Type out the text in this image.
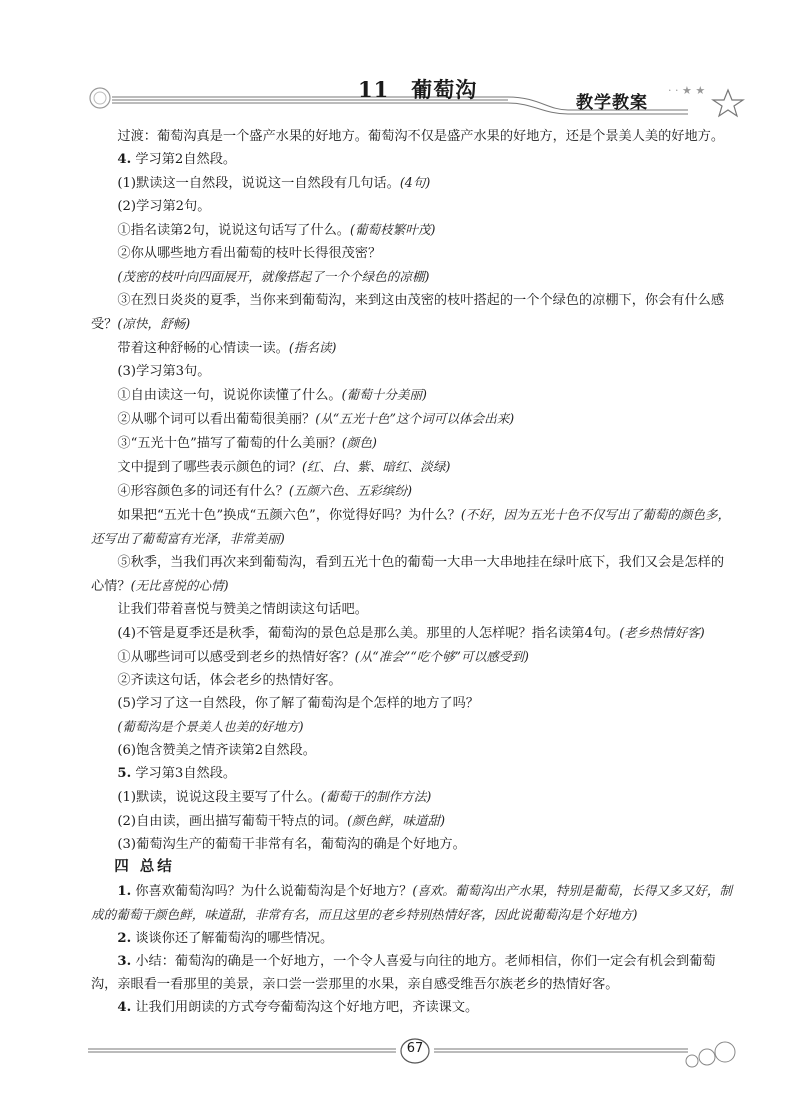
· · ★ ★
11 葡萄沟
教学教案

过渡：葡萄沟真是一个盛产水果的好地方。葡萄沟不仅是盛产水果的好地方，还是个景美人美的好地方。

4. 学习第2自然段。

(1)默读这一自然段，说说这一自然段有几句话。(4句)

(2)学习第2句。

①指名读第2句，说说这句话写了什么。(葡萄枝繁叶茂)

②你从哪些地方看出葡萄的枝叶长得很茂密？

(茂密的枝叶向四面展开，就像搭起了一个个绿色的凉棚)

③在烈日炎炎的夏季，当你来到葡萄沟，来到这由茂密的枝叶搭起的一个个绿色的凉棚下，你会有什么感受？(凉快，舒畅)

带着这种舒畅的心情读一读。(指名读)

(3)学习第3句。

①自由读这一句，说说你读懂了什么。(葡萄十分美丽)

②从哪个词可以看出葡萄很美丽？(从“五光十色”这个词可以体会出来)

③“五光十色”描写了葡萄的什么美丽？(颜色)

文中提到了哪些表示颜色的词？(红、白、紫、暗红、淡绿)

④形容颜色多的词还有什么？(五颜六色、五彩缤纷)

如果把“五光十色”换成“五颜六色”，你觉得好吗？为什么？(不好，因为五光十色不仅写出了葡萄的颜色多，还写出了葡萄富有光泽，非常美丽)

⑤秋季，当我们再次来到葡萄沟，看到五光十色的葡萄一大串一大串地挂在绿叶底下，我们又会是怎样的心情？(无比喜悦的心情)

让我们带着喜悦与赞美之情朗读这句话吧。

(4)不管是夏季还是秋季，葡萄沟的景色总是那么美。那里的人怎样呢？指名读第4句。(老乡热情好客)

①从哪些词可以感受到老乡的热情好客？(从“准会”“吃个够”可以感受到)

②齐读这句话，体会老乡的热情好客。

(5)学习了这一自然段，你了解了葡萄沟是个怎样的地方了吗？

(葡萄沟是个景美人也美的好地方)

(6)饱含赞美之情齐读第2自然段。

5. 学习第3自然段。

(1)默读，说说这段主要写了什么。(葡萄干的制作方法)

(2)自由读，画出描写葡萄干特点的词。(颜色鲜，味道甜)

(3)葡萄沟生产的葡萄干非常有名，葡萄沟的确是个好地方。

四 总结

1. 你喜欢葡萄沟吗？为什么说葡萄沟是个好地方？(喜欢。葡萄沟出产水果，特别是葡萄，长得又多又好，制成的葡萄干颜色鲜，味道甜，非常有名，而且这里的老乡特别热情好客，因此说葡萄沟是个好地方)

2. 谈谈你还了解葡萄沟的哪些情况。

3. 小结：葡萄沟的确是一个好地方，一个令人喜爱与向往的地方。老师相信，你们一定会有机会到葡萄沟，亲眼看一看那里的美景，亲口尝一尝那里的水果，亲自感受维吾尔族老乡的热情好客。

4. 让我们用朗读的方式夸夸葡萄沟这个好地方吧，齐读课文。

67
